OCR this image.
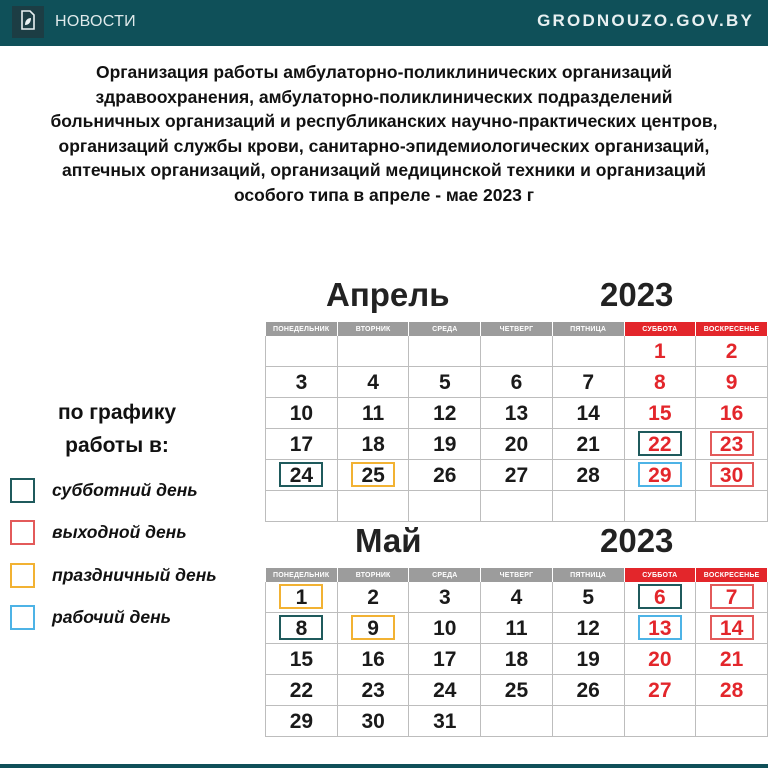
НОВОСТИ	GRODNOUZO.GOV.BY
Организация работы амбулаторно-поликлинических организаций здравоохранения, амбулаторно-поликлинических подразделений больничных организаций и республиканских научно-практических центров, организаций службы крови, санитарно-эпидемиологических организаций, аптечных организаций, организаций медицинской техники и организаций особого типа в апреле - мае 2023 г
по графику работы в:
субботний день
выходной день
праздничный день
рабочий день
Апрель	2023
ПОНЕДЕЛЬНИК	ВТОРНИК	СРЕДА	ЧЕТВЕРГ	ПЯТНИЦА	СУББОТА	ВОСКРЕСЕНЬЕ
					1	2
3	4	5	6	7	8	9
10	11	12	13	14	15	16
17	18	19	20	21	22	23
24	25	26	27	28	29	30

Май	2023
ПОНЕДЕЛЬНИК	ВТОРНИК	СРЕДА	ЧЕТВЕРГ	ПЯТНИЦА	СУББОТА	ВОСКРЕСЕНЬЕ
1	2	3	4	5	6	7
8	9	10	11	12	13	14
15	16	17	18	19	20	21
22	23	24	25	26	27	28
29	30	31				
